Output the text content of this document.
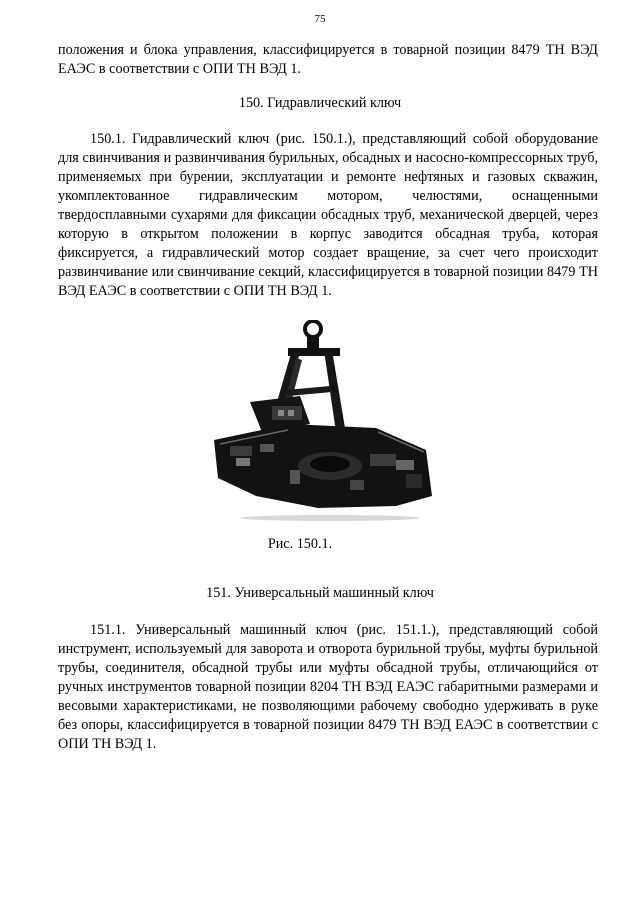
75

положения и блока управления, классифицируется в товарной позиции 8479 ТН ВЭД ЕАЭС в соответствии с ОПИ ТН ВЭД 1.

150. Гидравлический ключ

150.1. Гидравлический ключ (рис. 150.1.), представляющий собой оборудование для свинчивания и развинчивания бурильных, обсадных и насосно-компрессорных труб, применяемых при бурении, эксплуатации и ремонте нефтяных и газовых скважин, укомплектованное гидравлическим мотором, челюстями, оснащенными твердосплавными сухарями для фиксации обсадных труб, механической дверцей, через которую в открытом положении в корпус заводится обсадная труба, которая фиксируется, а гидравлический мотор создает вращение, за счет чего происходит развинчивание или свинчивание секций, классифицируется в товарной позиции 8479 ТН ВЭД ЕАЭС в соответствии с ОПИ ТН ВЭД 1.

Рис. 150.1.

151. Универсальный машинный ключ

151.1. Универсальный машинный ключ (рис. 151.1.), представляющий собой инструмент, используемый для заворота и отворота бурильной трубы, муфты бурильной трубы, соединителя, обсадной трубы или муфты обсадной трубы, отличающийся от ручных инструментов товарной позиции 8204 ТН ВЭД ЕАЭС габаритными размерами и весовыми характеристиками, не позволяющими рабочему свободно удерживать в руке без опоры, классифицируется в товарной позиции 8479 ТН ВЭД ЕАЭС в соответствии с ОПИ ТН ВЭД 1.
